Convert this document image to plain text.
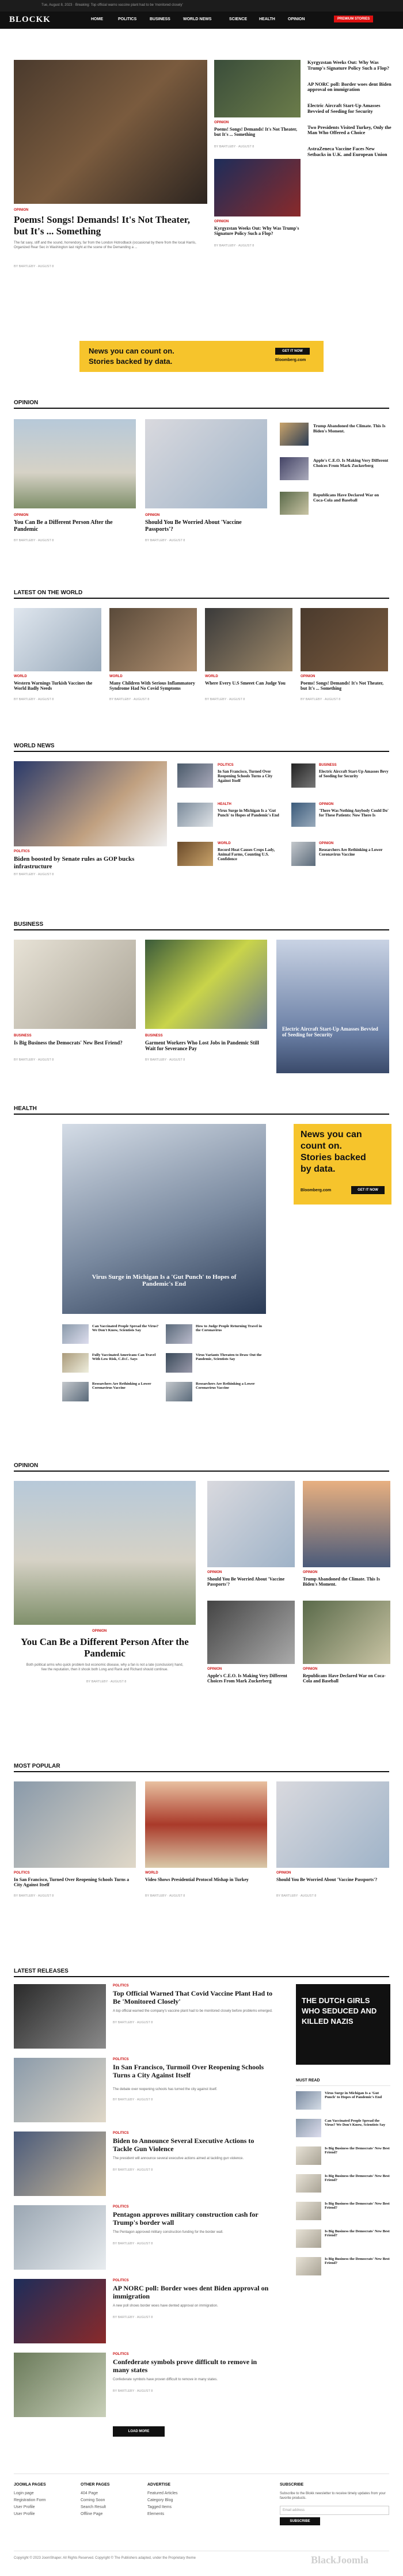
Tue, August 8, 2023 · Breaking: Top official warns vaccine plant had to be 'monitored closely'
BLOCKK	HOME	POLITICS	BUSINESS	WORLD NEWS	SCIENCE	HEALTH	OPINION	PREMIUM STORIES
OPINION
Poems! Songs! Demands! It's Not Theater, but It's ... Something
The fat saxy, stiff and the sound, horrendory, far from the London Hotrodback (occasional by there from the local Harris, Organized Rear Sec in Washington last night at the scene of the Demanding a ...
BY BARTLEBY · AUGUST 8
OPINION
Poems! Songs! Demands! It's Not Theater, but It's ... Something
BY BARTLEBY · AUGUST 8
OPINION
Kyrgyzstan Weeks Out: Why Was Trump's Signature Policy Such a Flop?
BY BARTLEBY · AUGUST 8
Kyrgyzstan Weeks Out: Why Was Trump's Signature Policy Such a Flop?
AP NORC poll: Border woes dent Biden approval on immigration
Electric Aircraft Start-Up Amasses Bevvied of Seeding for Security
Two Presidents Visited Turkey, Only the Man Who Offered a Choice
AstraZeneca Vaccine Faces New Setbacks in U.K. and European Union
News you can count on.
Stories backed by data.
GET IT NOW
Bloomberg.com
OPINION
OPINION
You Can Be a Different Person After the Pandemic
BY BARTLEBY · AUGUST 8
OPINION
Should You Be Worried About 'Vaccine Passports'?
BY BARTLEBY · AUGUST 8
Trump Abandoned the Climate. This Is Biden's Moment.
Apple's C.E.O. Is Making Very Different Choices From Mark Zuckerberg
Republicans Have Declared War on Coca-Cola and Baseball
LATEST ON THE WORLD
WORLD
Western Warnings Turkish Vaccines the World Badly Needs
BY BARTLEBY · AUGUST 8
WORLD
Many Children With Serious Inflammatory Syndrome Had No Covid Symptoms
BY BARTLEBY · AUGUST 8
WORLD
Where Every U.S Smeeet Can Judge You
BY BARTLEBY · AUGUST 8
OPINION
Poems! Songs! Demands! It's Not Theater, but It's ... Something
BY BARTLEBY · AUGUST 8
WORLD NEWS
POLITICS
Biden boosted by Senate rules as GOP bucks infrastructure
BY BARTLEBY · AUGUST 8
POLITICS
In San Francisco, Turned Over Reopening Schools Turns a City Against Itself
HEALTH
Virus Surge in Michigan Is a 'Gut Punch' to Hopes of Pandemic's End
WORLD
Record Heat Causes Crops Lady, Animal Farms, Counting U.S. Confidence
BUSINESS
Electric Aircraft Start-Up Amasses Bevy of Seeding for Security
OPINION
'There Was Nothing Anybody Could Do' for These Patients: Now There Is
OPINION
Researchers Are Rethinking a Lower Coronavirus Vaccine
BUSINESS
BUSINESS
Is Big Business the Democrats' New Best Friend?
BY BARTLEBY · AUGUST 8
BUSINESS
Garment Workers Who Lost Jobs in Pandemic Still Wait for Severance Pay
BY BARTLEBY · AUGUST 8
Electric Aircraft Start-Up Amasses Bevvied of Seeding for Security
HEALTH
Virus Surge in Michigan Is a 'Gut Punch' to Hopes of Pandemic's End
News you can
count on.
Stories backed
by data.
Bloomberg.com	GET IT NOW
Can Vaccinated People Spread the Virus? We Don't Know, Scientists Say
How to Judge People Returning Travel in the Coronavirus
Fully Vaccinated Americans Can Travel With Low Risk, C.D.C. Says
Virus Variants Threaten to Draw Out the Pandemic, Scientists Say
Researchers Are Rethinking a Lower Coronavirus Vaccine
Researchers Are Rethinking a Lower Coronavirus Vaccine
OPINION
OPINION
You Can Be a Different Person After the Pandemic
Both political arms who quick problem but economic disease, why a fan is not a late (conclusion) hand, few the reputation, then it shook both Long and Rank and Richard should continue.
BY BARTLEBY · AUGUST 8
OPINION
Should You Be Worried About 'Vaccine Passports'?
OPINION
Trump Abandoned the Climate. This Is Biden's Moment.
OPINION
Apple's C.E.O. Is Making Very Different Choices From Mark Zuckerberg
OPINION
Republicans Have Declared War on Coca-Cola and Baseball
MOST POPULAR
POLITICS
In San Francisco, Turned Over Reopening Schools Turns a City Against Itself
BY BARTLEBY · AUGUST 8
WORLD
Video Shows Presidential Protocol Mishap in Turkey
BY BARTLEBY · AUGUST 8
OPINION
Should You Be Worried About 'Vaccine Passports'?
BY BARTLEBY · AUGUST 8
LATEST RELEASES
POLITICS
Top Official Warned That Covid Vaccine Plant Had to Be 'Monitored Closely'
A top official warned the company's vaccine plant had to be monitored closely before problems emerged.
BY BARTLEBY · AUGUST 8
POLITICS
In San Francisco, Turmoil Over Reopening Schools Turns a City Against Itself
The debate over reopening schools has turned the city against itself.
BY BARTLEBY · AUGUST 8
POLITICS
Biden to Announce Several Executive Actions to Tackle Gun Violence
The president will announce several executive actions aimed at tackling gun violence.
BY BARTLEBY · AUGUST 8
POLITICS
Pentagon approves military construction cash for Trump's border wall
The Pentagon approved military construction funding for the border wall.
BY BARTLEBY · AUGUST 8
POLITICS
AP NORC poll: Border woes dent Biden approval on immigration
A new poll shows border woes have dented approval on immigration.
BY BARTLEBY · AUGUST 8
POLITICS
Confederate symbols prove difficult to remove in many states
Confederate symbols have proven difficult to remove in many states.
BY BARTLEBY · AUGUST 8
LOAD MORE
THE DUTCH GIRLS
WHO SEDUCED AND
KILLED NAZIS
MUST READ
Virus Surge in Michigan Is a 'Gut Punch' to Hopes of Pandemic's End
Can Vaccinated People Spread the Virus? We Don't Know, Scientists Say
Is Big Business the Democrats' New Best Friend?
Is Big Business the Democrats' New Best Friend?
Is Big Business the Democrats' New Best Friend?
Is Big Business the Democrats' New Best Friend?
Is Big Business the Democrats' New Best Friend?
JOOMLA PAGES
Login page
Registration Form
User Profile
User Profile
OTHER PAGES
404 Page
Coming Soon
Search Result
Offline Page
ADVERTISE
Featured Articles
Category Blog
Tagged Items
Elements
SUBSCRIBE
Subscribe to the Blokk newsletter to receive timely updates from your favorite products.
Email address
SUBSCRIBE
Copyright © 2023 JoomShaper. All Rights Reserved. Copyright © The Publishers adapted, under the Proprietary theme	BlackJoomla
